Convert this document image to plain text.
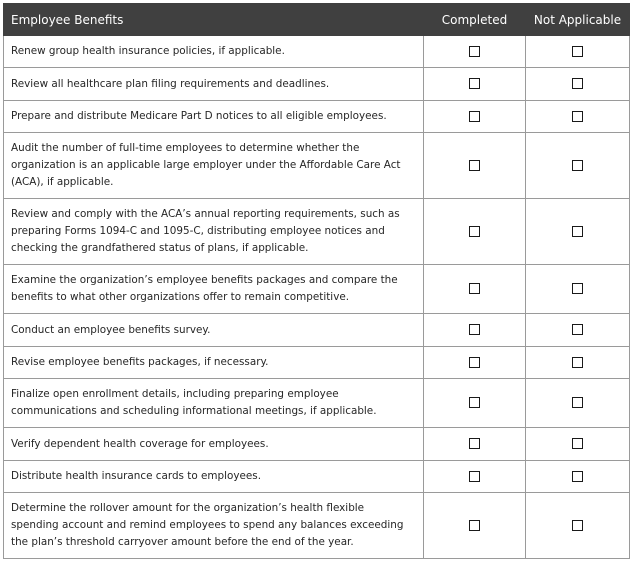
Employee Benefits	Completed	Not Applicable
Renew group health insurance policies, if applicable.		
Review all healthcare plan filing requirements and deadlines.		
Prepare and distribute Medicare Part D notices to all eligible employees.		
Audit the number of full-time employees to determine whether the organization is an applicable large employer under the Affordable Care Act (ACA), if applicable.		
Review and comply with the ACA’s annual reporting requirements, such as preparing Forms 1094-C and 1095-C, distributing employee notices and checking the grandfathered status of plans, if applicable.		
Examine the organization’s employee benefits packages and compare the benefits to what other organizations offer to remain competitive.		
Conduct an employee benefits survey.		
Revise employee benefits packages, if necessary.		
Finalize open enrollment details, including preparing employee communications and scheduling informational meetings, if applicable.		
Verify dependent health coverage for employees.		
Distribute health insurance cards to employees.		
Determine the rollover amount for the organization’s health flexible spending account and remind employees to spend any balances exceeding the plan’s threshold carryover amount before the end of the year.		
